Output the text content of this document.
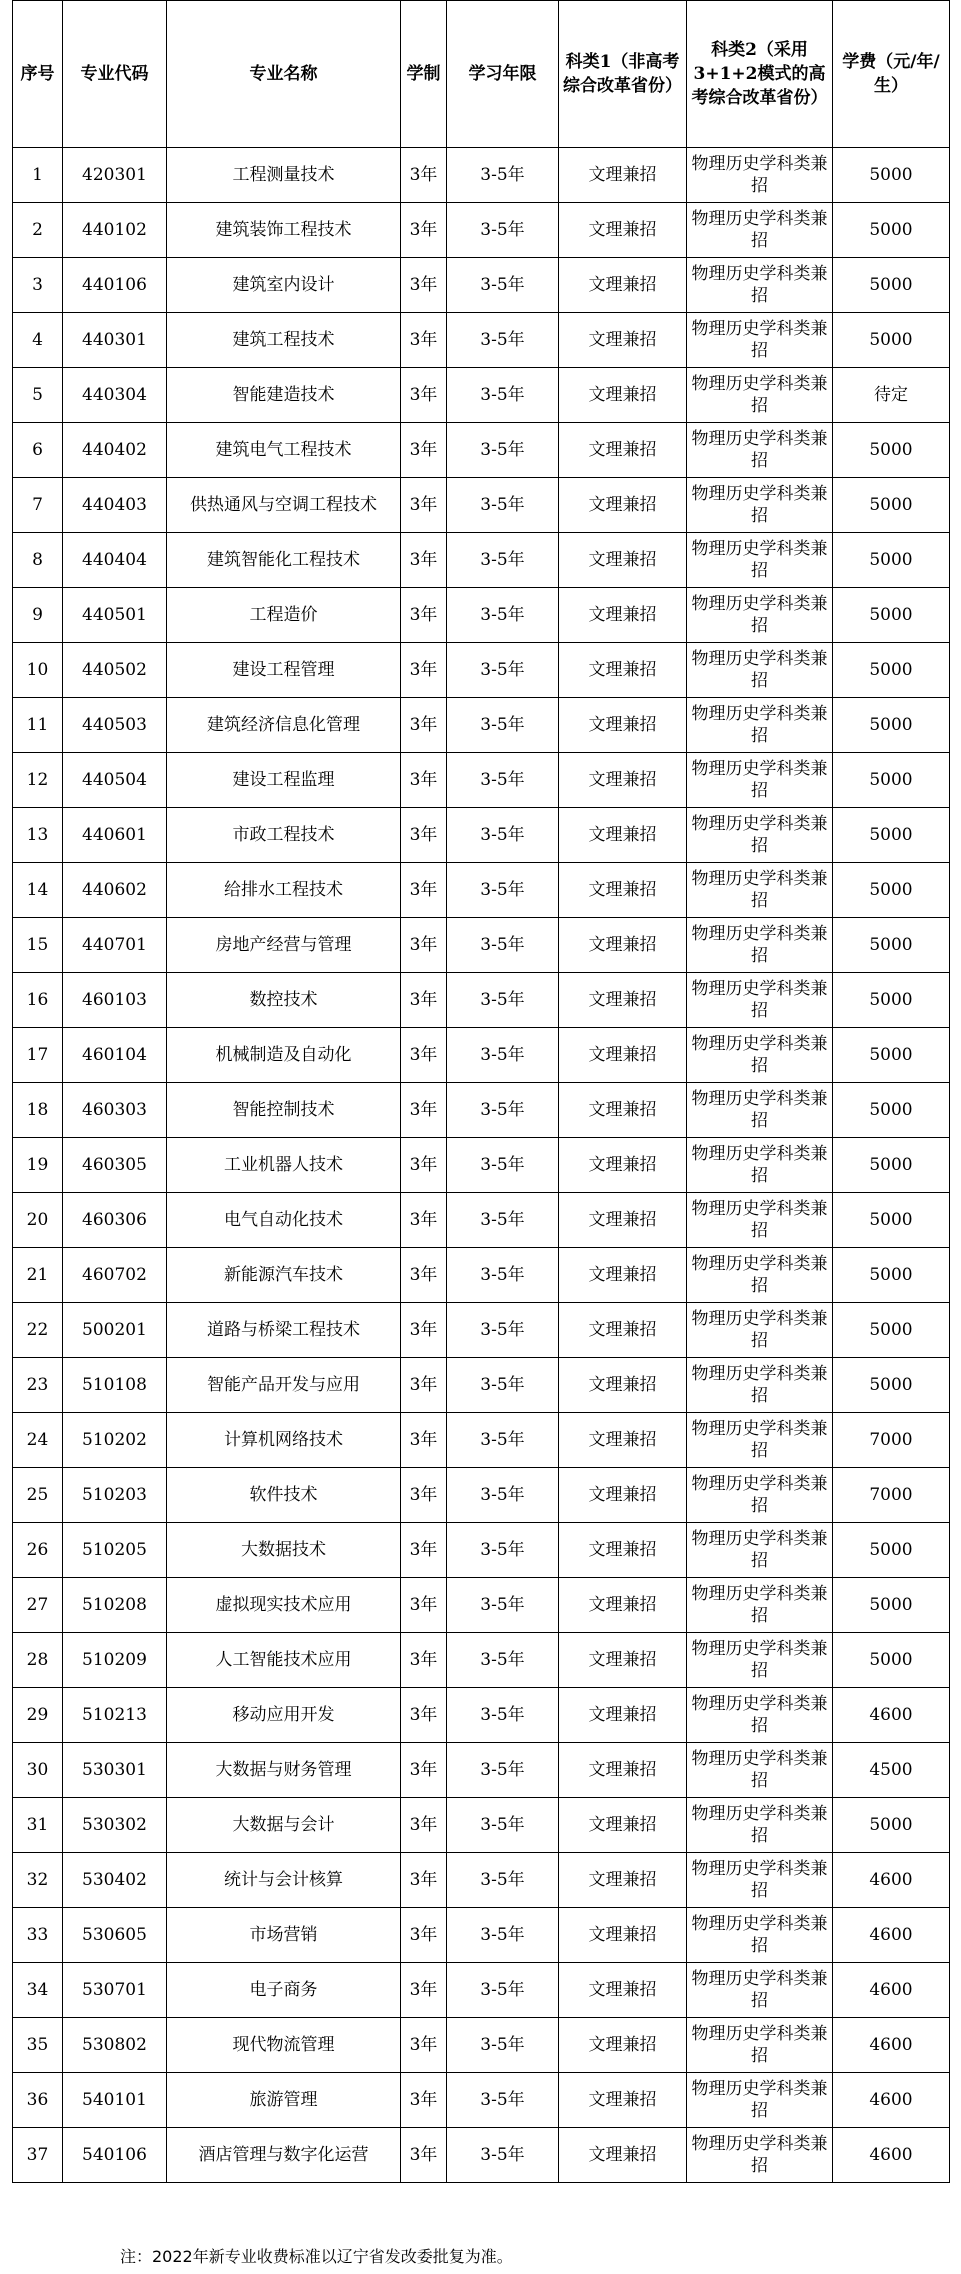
序号	专业代码	专业名称	学制	学习年限	科类1（非高考综合改革省份）	科类2（采用3+1+2模式的高考综合改革省份）	学费（元/年/生）
1	420301	工程测量技术	3年	3-5年	文理兼招	物理历史学科类兼招	5000
2	440102	建筑装饰工程技术	3年	3-5年	文理兼招	物理历史学科类兼招	5000
3	440106	建筑室内设计	3年	3-5年	文理兼招	物理历史学科类兼招	5000
4	440301	建筑工程技术	3年	3-5年	文理兼招	物理历史学科类兼招	5000
5	440304	智能建造技术	3年	3-5年	文理兼招	物理历史学科类兼招	待定
6	440402	建筑电气工程技术	3年	3-5年	文理兼招	物理历史学科类兼招	5000
7	440403	供热通风与空调工程技术	3年	3-5年	文理兼招	物理历史学科类兼招	5000
8	440404	建筑智能化工程技术	3年	3-5年	文理兼招	物理历史学科类兼招	5000
9	440501	工程造价	3年	3-5年	文理兼招	物理历史学科类兼招	5000
10	440502	建设工程管理	3年	3-5年	文理兼招	物理历史学科类兼招	5000
11	440503	建筑经济信息化管理	3年	3-5年	文理兼招	物理历史学科类兼招	5000
12	440504	建设工程监理	3年	3-5年	文理兼招	物理历史学科类兼招	5000
13	440601	市政工程技术	3年	3-5年	文理兼招	物理历史学科类兼招	5000
14	440602	给排水工程技术	3年	3-5年	文理兼招	物理历史学科类兼招	5000
15	440701	房地产经营与管理	3年	3-5年	文理兼招	物理历史学科类兼招	5000
16	460103	数控技术	3年	3-5年	文理兼招	物理历史学科类兼招	5000
17	460104	机械制造及自动化	3年	3-5年	文理兼招	物理历史学科类兼招	5000
18	460303	智能控制技术	3年	3-5年	文理兼招	物理历史学科类兼招	5000
19	460305	工业机器人技术	3年	3-5年	文理兼招	物理历史学科类兼招	5000
20	460306	电气自动化技术	3年	3-5年	文理兼招	物理历史学科类兼招	5000
21	460702	新能源汽车技术	3年	3-5年	文理兼招	物理历史学科类兼招	5000
22	500201	道路与桥梁工程技术	3年	3-5年	文理兼招	物理历史学科类兼招	5000
23	510108	智能产品开发与应用	3年	3-5年	文理兼招	物理历史学科类兼招	5000
24	510202	计算机网络技术	3年	3-5年	文理兼招	物理历史学科类兼招	7000
25	510203	软件技术	3年	3-5年	文理兼招	物理历史学科类兼招	7000
26	510205	大数据技术	3年	3-5年	文理兼招	物理历史学科类兼招	5000
27	510208	虚拟现实技术应用	3年	3-5年	文理兼招	物理历史学科类兼招	5000
28	510209	人工智能技术应用	3年	3-5年	文理兼招	物理历史学科类兼招	5000
29	510213	移动应用开发	3年	3-5年	文理兼招	物理历史学科类兼招	4600
30	530301	大数据与财务管理	3年	3-5年	文理兼招	物理历史学科类兼招	4500
31	530302	大数据与会计	3年	3-5年	文理兼招	物理历史学科类兼招	5000
32	530402	统计与会计核算	3年	3-5年	文理兼招	物理历史学科类兼招	4600
33	530605	市场营销	3年	3-5年	文理兼招	物理历史学科类兼招	4600
34	530701	电子商务	3年	3-5年	文理兼招	物理历史学科类兼招	4600
35	530802	现代物流管理	3年	3-5年	文理兼招	物理历史学科类兼招	4600
36	540101	旅游管理	3年	3-5年	文理兼招	物理历史学科类兼招	4600
37	540106	酒店管理与数字化运营	3年	3-5年	文理兼招	物理历史学科类兼招	4600
注：2022年新专业收费标准以辽宁省发改委批复为准。
